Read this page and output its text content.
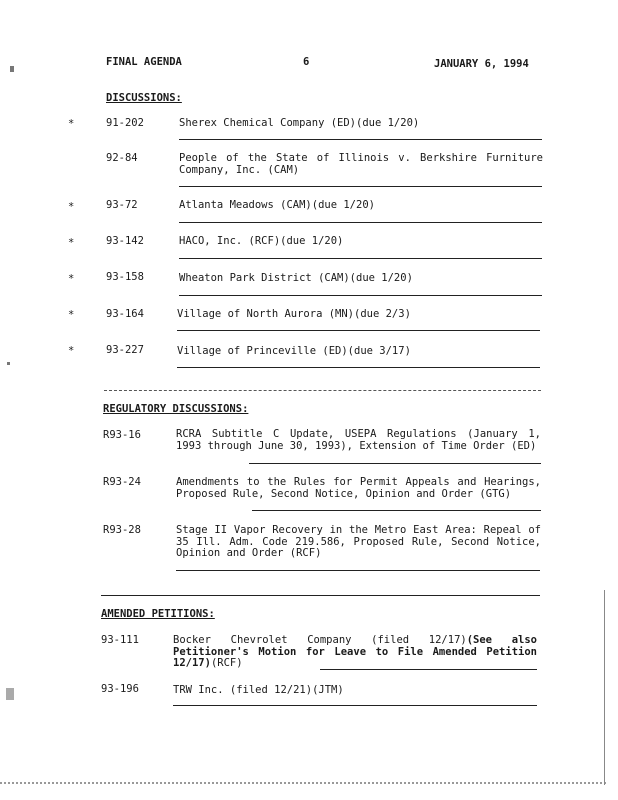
FINAL AGENDA	6	JANUARY 6, 1994
DISCUSSIONS:
*	91-202	Sherex Chemical Company (ED)(due 1/20)
92-84	People of the State of Illinois v. Berkshire Furniture Company, Inc. (CAM)
*	93-72	Atlanta Meadows (CAM)(due 1/20)
*	93-142	HACO, Inc. (RCF)(due 1/20)
*	93-158	Wheaton Park District (CAM)(due 1/20)
*	93-164	Village of North Aurora (MN)(due 2/3)
*	93-227	Village of Princeville (ED)(due 3/17)
REGULATORY DISCUSSIONS:
R93-16	RCRA Subtitle C Update, USEPA Regulations (January 1, 1993 through June 30, 1993), Extension of Time Order (ED)
R93-24	Amendments to the Rules for Permit Appeals and Hearings, Proposed Rule, Second Notice, Opinion and Order (GTG)
R93-28	Stage II Vapor Recovery in the Metro East Area: Repeal of 35 Ill. Adm. Code 219.586, Proposed Rule, Second Notice, Opinion and Order (RCF)
AMENDED PETITIONS:
93-111	Bocker Chevrolet Company (filed 12/17)(See also Petitioner's Motion for Leave to File Amended Petition 12/17)(RCF)
93-196	TRW Inc. (filed 12/21)(JTM)
